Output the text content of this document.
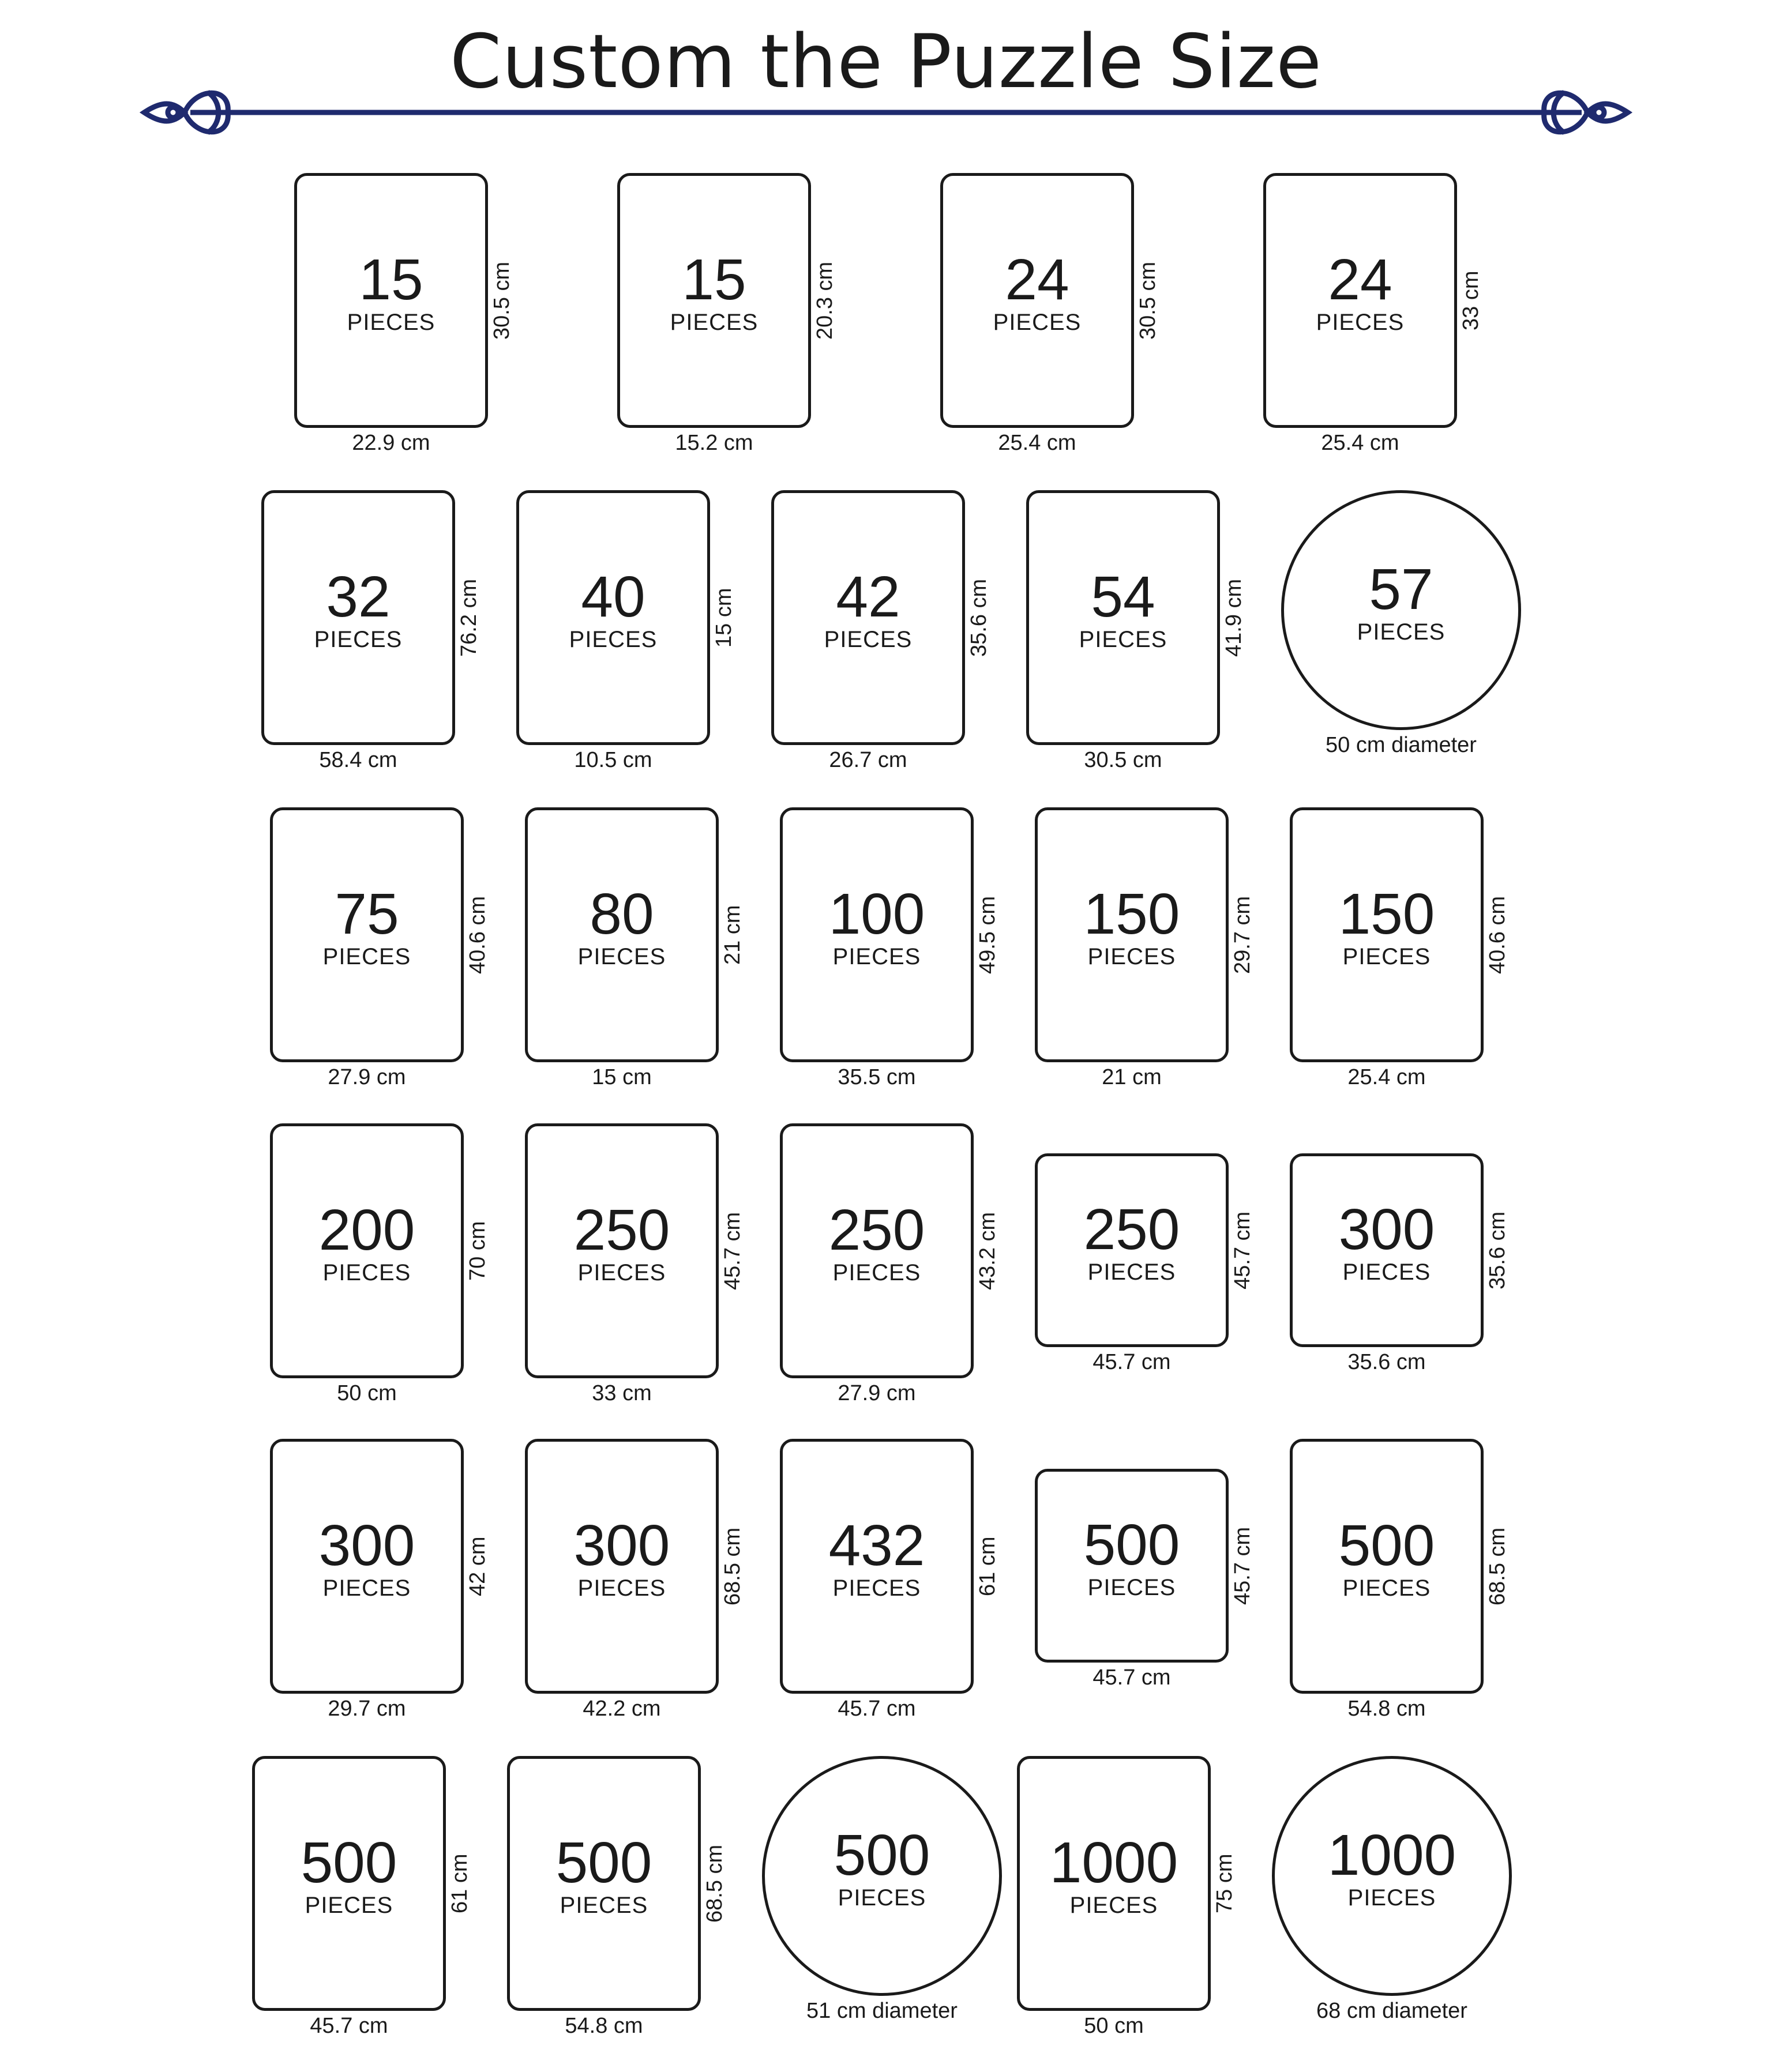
Custom the Puzzle Size
15
PIECES
22.9 cm
30.5 cm	15
PIECES
15.2 cm
20.3 cm	24
PIECES
25.4 cm
30.5 cm	24
PIECES
25.4 cm
33 cm
32
PIECES
58.4 cm
76.2 cm	40
PIECES
10.5 cm
15 cm	42
PIECES
26.7 cm
35.6 cm	54
PIECES
30.5 cm
41.9 cm	57
PIECES
50 cm diameter
75
PIECES
27.9 cm
40.6 cm	80
PIECES
15 cm
21 cm	100
PIECES
35.5 cm
49.5 cm	150
PIECES
21 cm
29.7 cm	150
PIECES
25.4 cm
40.6 cm
200
PIECES
50 cm
70 cm	250
PIECES
33 cm
45.7 cm	250
PIECES
27.9 cm
43.2 cm	250
PIECES
45.7 cm
45.7 cm	300
PIECES
35.6 cm
35.6 cm
300
PIECES
29.7 cm
42 cm	300
PIECES
42.2 cm
68.5 cm	432
PIECES
45.7 cm
61 cm	500
PIECES
45.7 cm
45.7 cm	500
PIECES
54.8 cm
68.5 cm
500
PIECES
45.7 cm
61 cm	500
PIECES
54.8 cm
68.5 cm	500
PIECES
51 cm diameter
1000
PIECES
50 cm
75 cm	1000
PIECES
68 cm diameter
